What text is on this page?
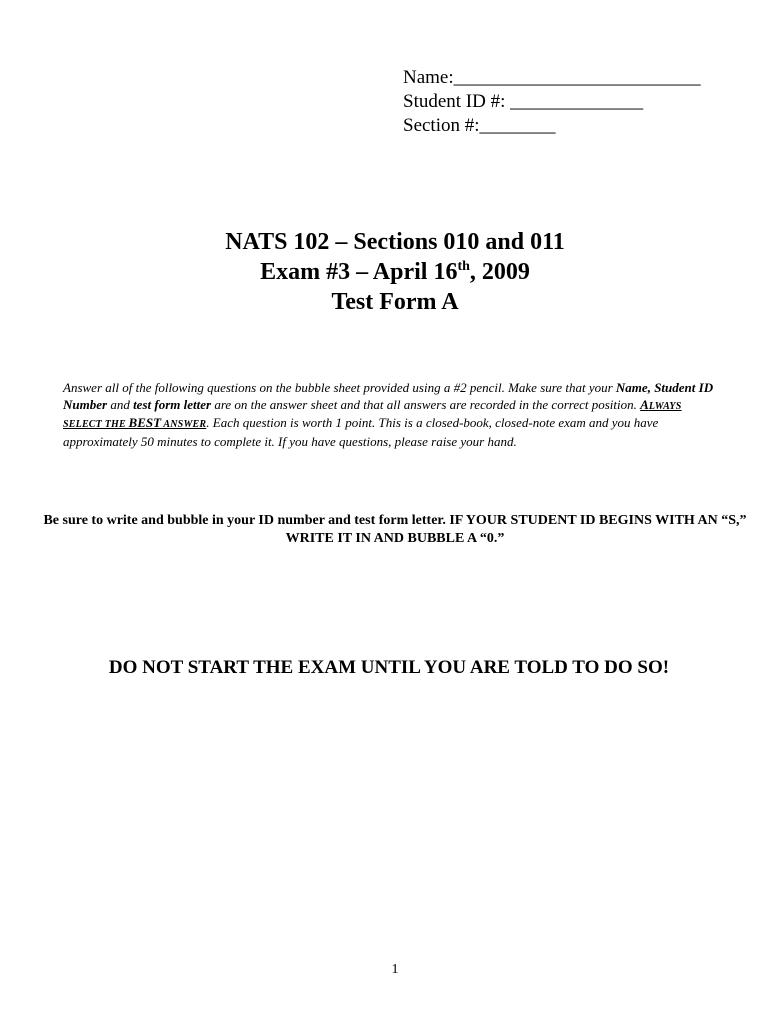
Name:__________________________
Student ID #: ______________
Section #:________
NATS 102 – Sections 010 and 011
Exam #3 – April 16th, 2009
Test Form A
Answer all of the following questions on the bubble sheet provided using a #2 pencil. Make sure that your Name, Student ID Number and test form letter are on the answer sheet and that all answers are recorded in the correct position. ALWAYS SELECT THE BEST ANSWER. Each question is worth 1 point. This is a closed-book, closed-note exam and you have approximately 50 minutes to complete it. If you have questions, please raise your hand.
Be sure to write and bubble in your ID number and test form letter. IF YOUR STUDENT ID BEGINS WITH AN “S,” WRITE IT IN AND BUBBLE A “0.”
DO NOT START THE EXAM UNTIL YOU ARE TOLD TO DO SO!
1
